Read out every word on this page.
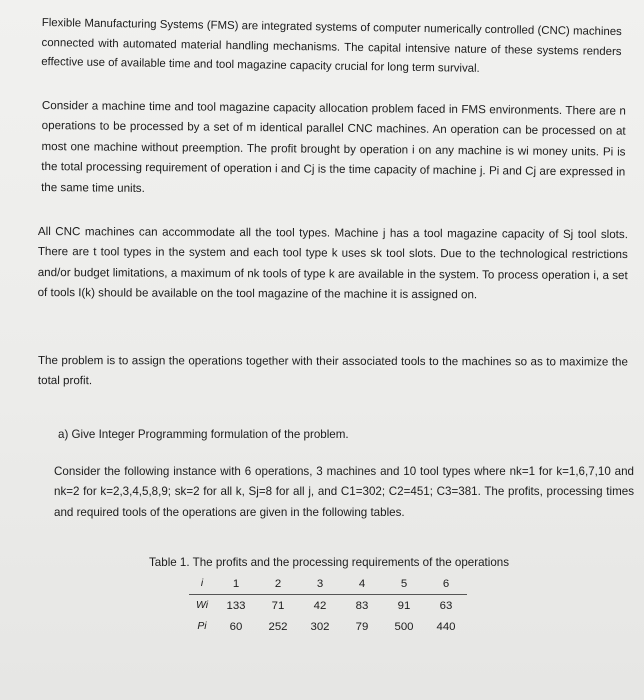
Flexible Manufacturing Systems (FMS) are integrated systems of computer numerically controlled (CNC) machines connected with automated material handling mechanisms. The capital intensive nature of these systems renders effective use of available time and tool magazine capacity crucial for long term survival.

Consider a machine time and tool magazine capacity allocation problem faced in FMS environments. There are n operations to be processed by a set of m identical parallel CNC machines. An operation can be processed on at most one machine without preemption. The profit brought by operation i on any machine is wi money units. Pi is the total processing requirement of operation i and Cj is the time capacity of machine j. Pi and Cj are expressed in the same time units.

All CNC machines can accommodate all the tool types. Machine j has a tool magazine capacity of Sj tool slots. There are t tool types in the system and each tool type k uses sk tool slots. Due to the technological restrictions and/or budget limitations, a maximum of nk tools of type k are available in the system. To process operation i, a set of tools I(k) should be available on the tool magazine of the machine it is assigned on.

The problem is to assign the operations together with their associated tools to the machines so as to maximize the total profit.

a) Give Integer Programming formulation of the problem.

Consider the following instance with 6 operations, 3 machines and 10 tool types where nk=1 for k=1,6,7,10 and nk=2 for k=2,3,4,5,8,9; sk=2 for all k, Sj=8 for all j, and C1=302; C2=451; C3=381. The profits, processing times and required tools of the operations are given in the following tables.

Table 1. The profits and the processing requirements of the operations
i	1	2	3	4	5	6
Wi	133	71	42	83	91	63
Pi	60	252	302	79	500	440
